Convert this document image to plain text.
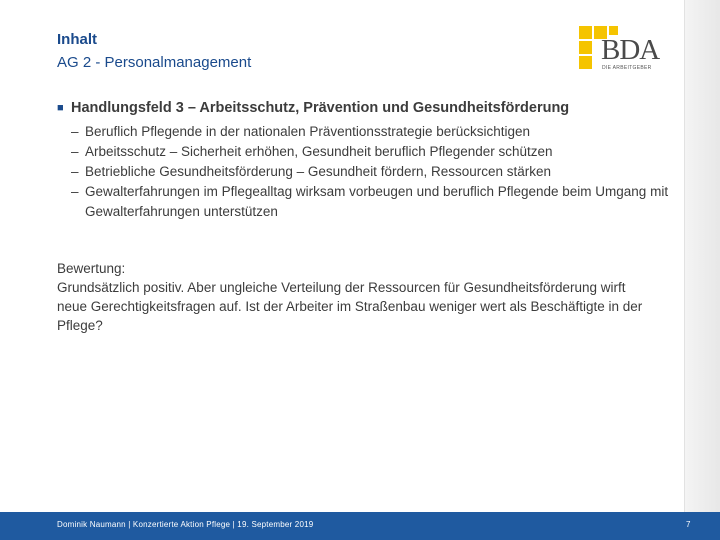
Inhalt
AG 2 - Personalmanagement	BDA
DIE ARBEITGEBER
■ Handlungsfeld 3 – Arbeitsschutz, Prävention und Gesundheitsförderung
– Beruflich Pflegende in der nationalen Präventionsstrategie berücksichtigen
– Arbeitsschutz – Sicherheit erhöhen, Gesundheit beruflich Pflegender schützen
– Betriebliche Gesundheitsförderung – Gesundheit fördern, Ressourcen stärken
– Gewalterfahrungen im Pflegealltag wirksam vorbeugen und beruflich Pflegende beim Umgang mit Gewalterfahrungen unterstützen

Bewertung:

Grundsätzlich positiv. Aber ungleiche Verteilung der Ressourcen für Gesundheitsförderung wirft neue Gerechtigkeitsfragen auf. Ist der Arbeiter im Straßenbau weniger wert als Beschäftigte in der Pflege?

Dominik Naumann | Konzertierte Aktion Pflege | 19. September 2019	7
